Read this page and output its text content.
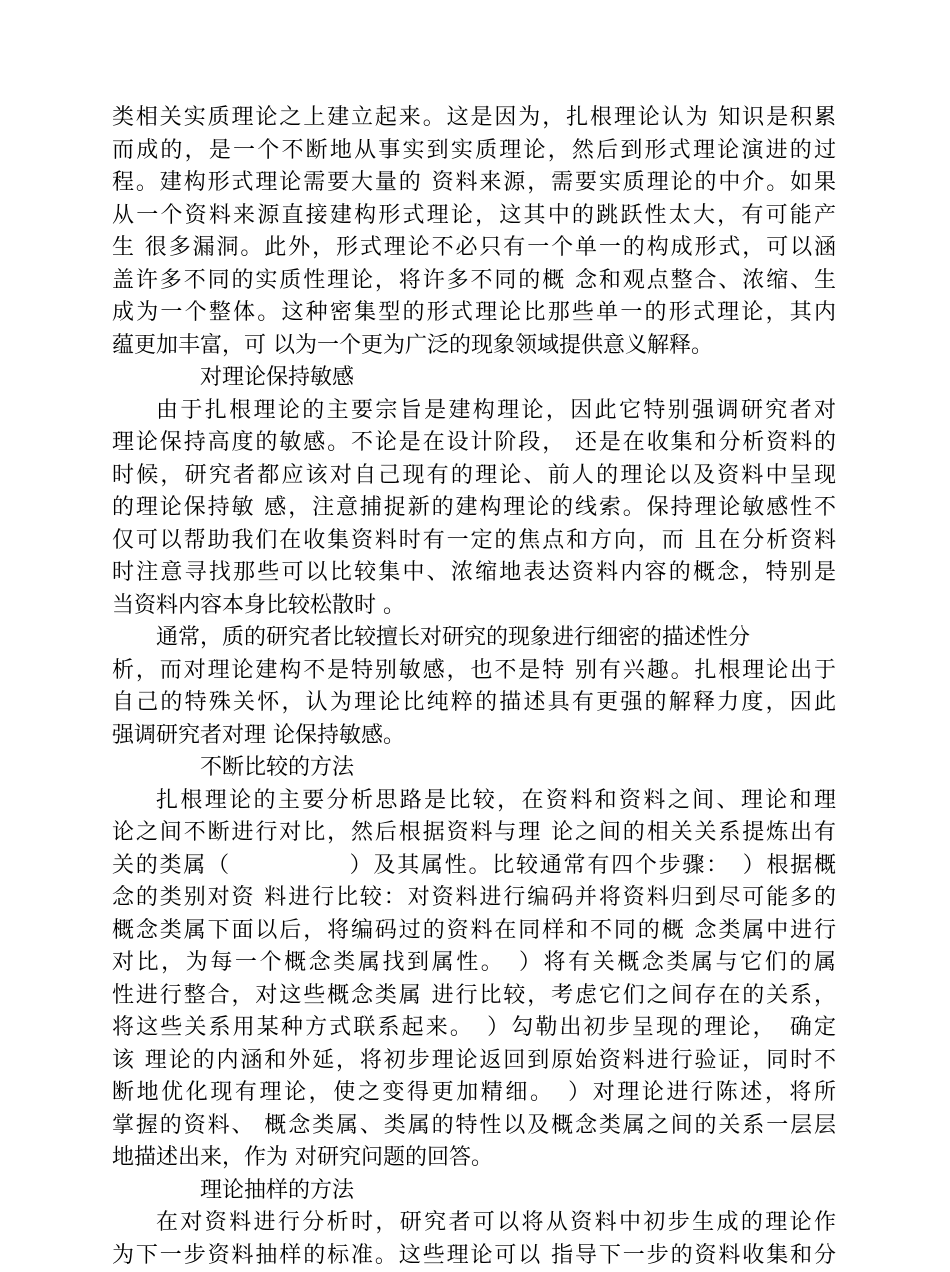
类相关实质理论之上建立起来。这是因为，扎根理论认为 知识是积累
而成的，是一个不断地从事实到实质理论，然后到形式理论演进的过
程。建构形式理论需要大量的 资料来源，需要实质理论的中介。如果
从一个资料来源直接建构形式理论，这其中的跳跃性太大，有可能产
生 很多漏洞。此外，形式理论不必只有一个单一的构成形式，可以涵
盖许多不同的实质性理论，将许多不同的概 念和观点整合、浓缩、生
成为一个整体。这种密集型的形式理论比那些单一的形式理论，其内
蕴更加丰富，可 以为一个更为广泛的现象领域提供意义解释。
对理论保持敏感
由于扎根理论的主要宗旨是建构理论，因此它特别强调研究者对
理论保持高度的敏感。不论是在设计阶段， 还是在收集和分析资料的
时候，研究者都应该对自己现有的理论、前人的理论以及资料中呈现
的理论保持敏 感，注意捕捉新的建构理论的线索。保持理论敏感性不
仅可以帮助我们在收集资料时有一定的焦点和方向，而 且在分析资料
时注意寻找那些可以比较集中、浓缩地表达资料内容的概念，特别是
当资料内容本身比较松散时 。
通常，质的研究者比较擅长对研究的现象进行细密的描述性分
析，而对理论建构不是特别敏感，也不是特 别有兴趣。扎根理论出于
自己的特殊关怀，认为理论比纯粹的描述具有更强的解释力度，因此
强调研究者对理 论保持敏感。
不断比较的方法
扎根理论的主要分析思路是比较，在资料和资料之间、理论和理
论之间不断进行对比，然后根据资料与理 论之间的相关关系提炼出有
关的类属（　　　　　）及其属性。比较通常有四个步骤：　）根据概
念的类别对资 料进行比较：对资料进行编码并将资料归到尽可能多的
概念类属下面以后，将编码过的资料在同样和不同的概 念类属中进行
对比，为每一个概念类属找到属性。　）将有关概念类属与它们的属
性进行整合，对这些概念类属 进行比较，考虑它们之间存在的关系，
将这些关系用某种方式联系起来。　）勾勒出初步呈现的理论，　确定
该 理论的内涵和外延，将初步理论返回到原始资料进行验证，同时不
断地优化现有理论，使之变得更加精细。　）对理论进行陈述，将所
掌握的资料、 概念类属、类属的特性以及概念类属之间的关系一层层
地描述出来，作为 对研究问题的回答。
理论抽样的方法
在对资料进行分析时，研究者可以将从资料中初步生成的理论作
为下一步资料抽样的标准。这些理论可以 指导下一步的资料收集和分
